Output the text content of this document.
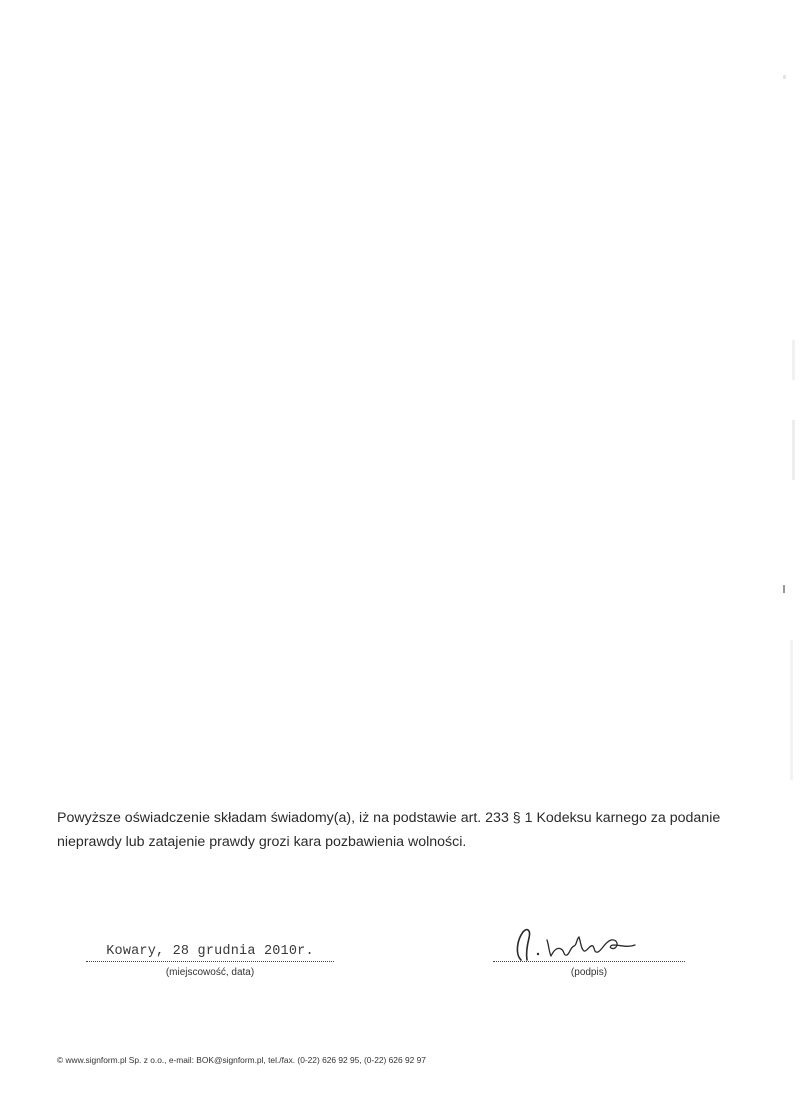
Powyższe oświadczenie składam świadomy(a), iż na podstawie art. 233 § 1 Kodeksu karnego za podanie
nieprawdy lub zatajenie prawdy grozi kara pozbawienia wolności.

Kowary, 28 grudnia 2010r.
(miejscowość, data)	(podpis)
© www.signform.pl Sp. z o.o., e-mail: BOK@signform.pl, tel./fax. (0-22) 626 92 95, (0-22) 626 92 97
